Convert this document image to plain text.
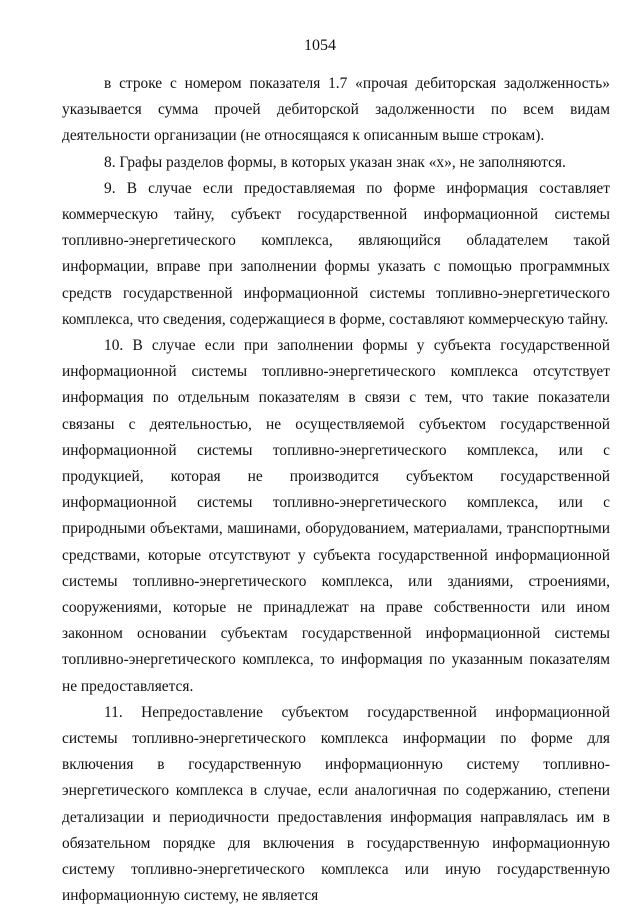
1054

в строке с номером показателя 1.7 «прочая дебиторская задолженность» указывается сумма прочей дебиторской задолженности по всем видам деятельности организации (не относящаяся к описанным выше строкам).

8. Графы разделов формы, в которых указан знак «x», не заполняются.

9. В случае если предоставляемая по форме информация составляет коммерческую тайну, субъект государственной информационной системы топливно-энергетического комплекса, являющийся обладателем такой информации, вправе при заполнении формы указать с помощью программных средств государственной информационной системы топливно-энергетического комплекса, что сведения, содержащиеся в форме, составляют коммерческую тайну.

10. В случае если при заполнении формы у субъекта государственной информационной системы топливно-энергетического комплекса отсутствует информация по отдельным показателям в связи с тем, что такие показатели связаны с деятельностью, не осуществляемой субъектом государственной информационной системы топливно-энергетического комплекса, или с продукцией, которая не производится субъектом государственной информационной системы топливно-энергетического комплекса, или с природными объектами, машинами, оборудованием, материалами, транспортными средствами, которые отсутствуют у субъекта государственной информационной системы топливно-энергетического комплекса, или зданиями, строениями, сооружениями, которые не принадлежат на праве собственности или ином законном основании субъектам государственной информационной системы топливно-энергетического комплекса, то информация по указанным показателям не предоставляется.

11. Непредоставление субъектом государственной информационной системы топливно-энергетического комплекса информации по форме для включения в государственную информационную систему топливно-энергетического комплекса в случае, если аналогичная по содержанию, степени детализации и периодичности предоставления информация направлялась им в обязательном порядке для включения в государственную информационную систему топливно-энергетического комплекса или иную государственную информационную систему, не является
